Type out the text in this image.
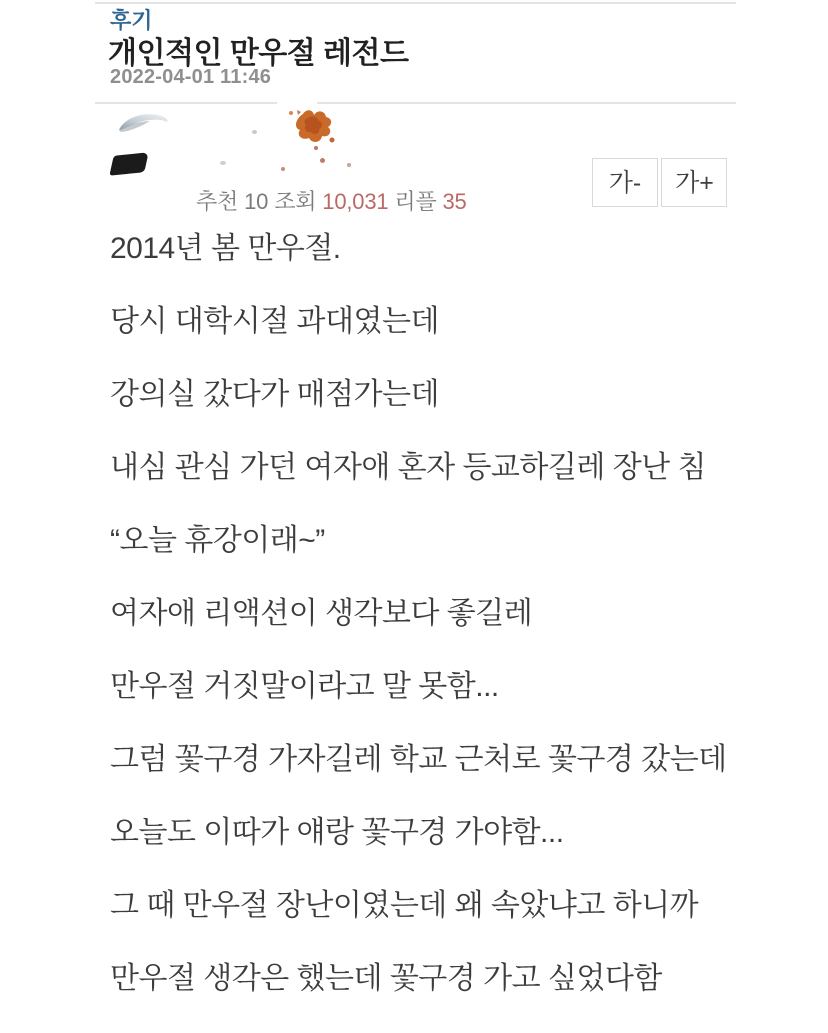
후기
개인적인 만우절 레전드
2022-04-01 11:46
추천 10 조회 10,031 리플 35
가- 가+

2014년 봄 만우절.

당시 대학시절 과대였는데

강의실 갔다가 매점가는데

내심 관심 가던 여자애 혼자 등교하길레 장난 침

“오늘 휴강이래~”

여자애 리액션이 생각보다 좋길레

만우절 거짓말이라고 말 못함...

그럼 꽃구경 가자길레 학교 근처로 꽃구경 갔는데

오늘도 이따가 얘랑 꽃구경 가야함...

그 때 만우절 장난이였는데 왜 속았냐고 하니까

만우절 생각은 했는데 꽃구경 가고 싶었다함
